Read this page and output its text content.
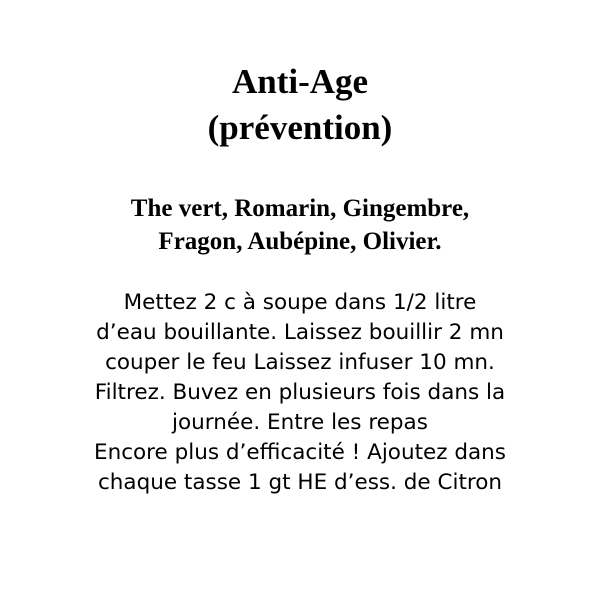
Anti-Age
(prévention)

The vert, Romarin, Gingembre,

Fragon, Aubépine, Olivier.

Mettez 2 c à soupe dans 1/2 litre

d’eau bouillante. Laissez bouillir 2 mn

couper le feu Laissez infuser 10 mn.

Filtrez. Buvez en plusieurs fois dans la

journée. Entre les repas

Encore plus d’efficacité ! Ajoutez dans

chaque tasse 1 gt HE d’ess. de Citron
